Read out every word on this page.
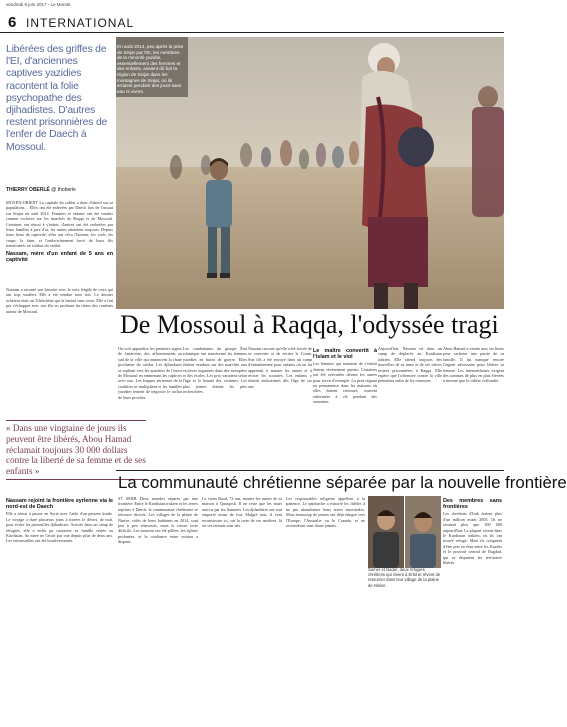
vendredi 9 juin 2017 - Le Monde
6 INTERNATIONAL
Libérées des griffes de l'EI, d'anciennes captives yazidies racontent la folie psychopathe des djihadistes. D'autres restent prisonnières de l'enfer de Daech à Mossoul.
THIERRY OBERLÉ @ thoberle
MOYEN-ORIENT La capitale du califat a donc d'abord sur sa population… Elles ont été enlevées par Daech lors de l'assaut sur Sinjar en août 2014. Femmes et enfants ont été vendus comme esclaves sur les marchés de Raqqa et de Mossoul. Certaines ont réussi à s'enfuir, d'autres ont été rachetées par leurs familles à prix d'or, les autres attendent toujours. Depuis leurs lieux de captivité, elles ont vécu l'horreur, les viols, les coups, la faim, et l'endoctrinement forcé de leurs fils transformés en soldats du califat.
Nassam, mère d'un enfant de 5 ans en captivité
Nassam a raconté son histoire avec la voix fragile de ceux qui ont trop souffert. Elle a été vendue trois fois. Le dernier acheteur était un Tchétchène qui la battait sans cesse. Elle a fini par s'échapper avec son fils en profitant du chaos des combats autour de Mossoul.
En août 2014, peu après la prise de Sinjar par l'EI, les membres de la minorité yazidie, essentiellement des femmes et des enfants, avaient dû fuir la région de Sinjar dans les montagnes de Sinjar, où ils erraient pendant des jours sans eau ni vivres.
De Mossoul à Raqqa, l'odyssée tragi
On voit apparaître les premiers signes de l'anarchie, des affrontements au sud de la ville qui annoncent la chute prochaine du califat. Les djihadistes se replient vers les quartiers de l'ouest de Mossoul en emmenant les captives avec eux. Les frappes aériennes de la coalition se multiplient et les familles yazidies tentent de négocier le rachat de leurs proches.
Les combattants du groupe État islamique ont transformé les femmes yazidies en butin de guerre. Elles étaient vendues sur des marchés aux esclaves organisés dans des mosquées et des écoles. Les prix variaient selon l'âge et la beauté des victimes. Les plus jeunes étaient les plus recherchées.
Nassam raconte qu'elle a été forcée de se convertir et de réciter le Coran. Son fils a été envoyé dans un camp d'entraînement pour enfants où on lui apprenait à manier les armes et à réciter les sourates. Les enfants y étaient endoctrinés dès l'âge de six ans.
Le maître convertit à l'islam et le viol
Les femmes qui tentaient de s'enfuir étaient sévèrement punies. Certaines ont été exécutées devant les autres pour servir d'exemple. La peur régnait en permanence dans les maisons où elles étaient retenues, souvent enfermées à clé pendant des semaines.
Aujourd'hui, Nassam vit dans un camp de déplacés au Kurdistan irakien. Elle attend toujours des nouvelles de sa sœur et de ses nièces restées prisonnières à Raqqa. Elle espère que l'offensive contre la ville permettra enfin de les retrouver.
Abou Hamad a vendu tous ses biens pour racheter une partie de sa famille. Il lui manque encore l'argent nécessaire pour libérer sa femme. Les intermédiaires exigent des sommes de plus en plus élevées à mesure que le califat s'effondre.
« Dans une vingtaine de jours ils peuvent être libérés, Abou Hamad réclamait toujours 30 000 dollars contre la liberté de sa femme et de ses enfants »
La communauté chrétienne séparée par la nouvelle frontière
Nassam rejoint la frontière syrienne via le nord-est de Daech
Elle a réussi à passer en Syrie avec l'aide d'un passeur kurde. Le voyage a duré plusieurs jours à travers le désert, de nuit, pour éviter les patrouilles djihadistes. Arrivée dans un camp de réfugiés, elle a enfin pu contacter sa famille restée au Kurdistan. Sa mère ne l'avait pas vue depuis plus de deux ans. Les retrouvailles ont été bouleversantes.
ST SERB Deux mondes séparés par une frontière. Entre le Kurdistan irakien et les terres reprises à Daech, la communauté chrétienne se retrouve divisée. Les villages de la plaine de Ninive, vidés de leurs habitants en 2014, sont peu à peu réinvestis, mais le retour reste difficile. Les maisons ont été pillées, les églises profanées, et la confiance entre voisins a disparu.
Le vieux Raad, 72 ans, montre les ruines de sa maison à Qaraqosh. Il ne reste que les murs noircis par les flammes. Les djihadistes ont tout emporté avant de fuir. Malgré tout, il veut reconstruire ici, sur la terre de ses ancêtres, là où ses enfants sont nés.
Les responsables religieux appellent à la patience. Le patriarche a exhorté les fidèles à ne pas abandonner leurs terres ancestrales. Mais beaucoup de jeunes ont déjà émigré vers l'Europe, l'Australie ou le Canada, et ne reviendront sans doute jamais.
Samer et Nader, deux réfugiés chrétiens qui vivent à Erbil et rêvent de retourner dans leur village de la plaine de Ninive.
Des membres sans frontières
Les chrétiens d'Irak étaient plus d'un million avant 2003. Ils ne seraient plus que 300 000 aujourd'hui. La plupart vivent dans le Kurdistan irakien, où ils ont trouvé refuge. Mais ils craignent d'être pris en étau entre les Kurdes et le pouvoir central de Bagdad, qui se disputent les territoires libérés.
